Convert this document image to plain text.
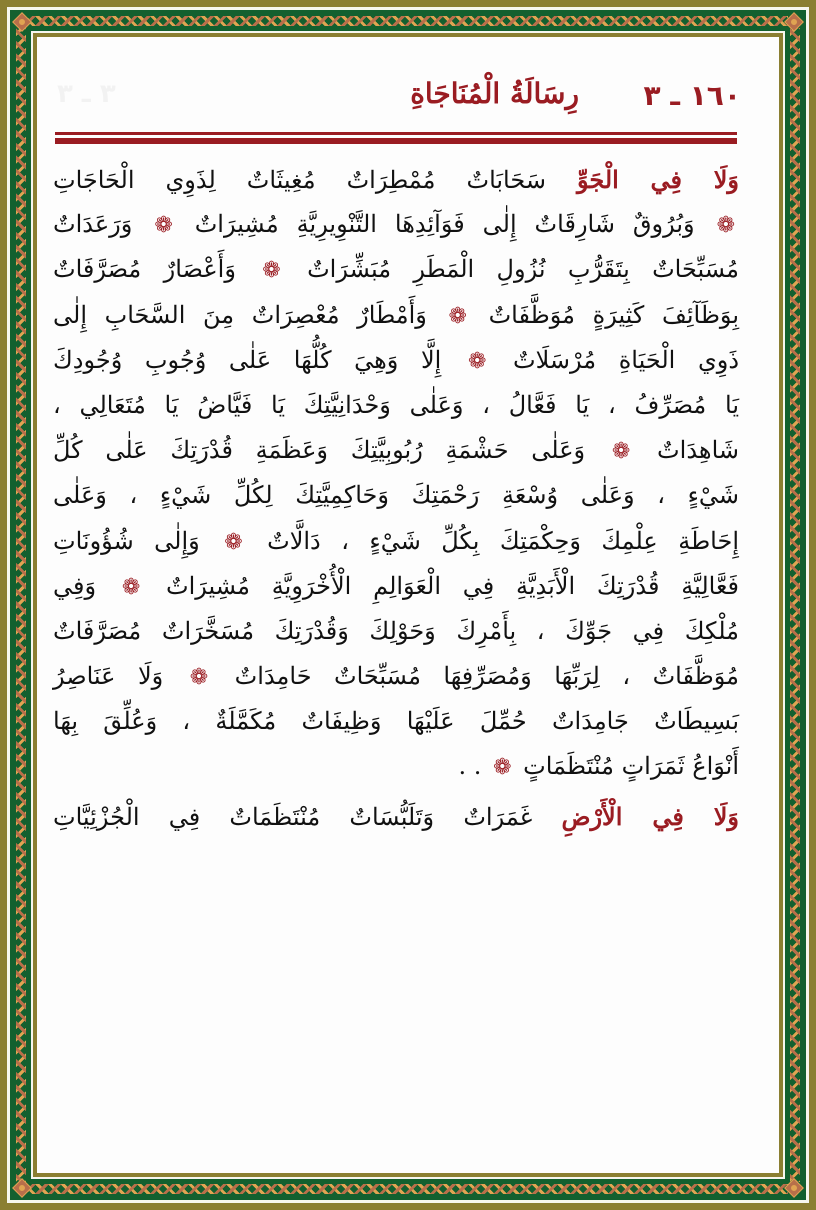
١٦٠ ـ ٣
رِسَالَةُ الْمُنَاجَاةِ
٣ ـ ٣
وَلَا فِي الْجَوِّ سَحَابَاتٌ مُمْطِرَاتٌ مُغِيثَاتٌ لِذَوِي الْحَاجَاتِ
❁ وَبُرُوقٌ شَارِقَاتٌ إِلٰى فَوَآئِدِهَا التَّنْوِيرِيَّةِ مُشِيرَاتٌ ❁ وَرَعَدَاتٌ
مُسَبِّحَاتٌ بِتَقَرُّبِ نُزُولِ الْمَطَرِ مُبَشِّرَاتٌ ❁ وَأَعْصَارٌ مُصَرَّفَاتٌ
بِوَظَآئِفَ كَثِيرَةٍ مُوَظَّفَاتٌ ❁ وَأَمْطَارٌ مُعْصِرَاتٌ مِنَ السَّحَابِ إِلٰى
ذَوِي الْحَيَاةِ مُرْسَلَاتٌ ❁ إِلَّا وَهِيَ كُلُّهَا عَلٰى وُجُوبِ وُجُودِكَ
يَا مُصَرِّفُ ، يَا فَعَّالُ ، وَعَلٰى وَحْدَانِيَّتِكَ يَا فَيَّاضُ يَا مُتَعَالِي ،
شَاهِدَاتٌ ❁ وَعَلٰى حَشْمَةِ رُبُوبِيَّتِكَ وَعَظَمَةِ قُدْرَتِكَ عَلٰى كُلِّ
شَيْءٍ ، وَعَلٰى وُسْعَةِ رَحْمَتِكَ وَحَاكِمِيَّتِكَ لِكُلِّ شَيْءٍ ، وَعَلٰى
إِحَاطَةِ عِلْمِكَ وَحِكْمَتِكَ بِكُلِّ شَيْءٍ ، دَالَّاتٌ ❁ وَإِلٰى شُؤُونَاتِ
فَعَّالِيَّةِ قُدْرَتِكَ الْأَبَدِيَّةِ فِي الْعَوَالِمِ الْأُخْرَوِيَّةِ مُشِيرَاتٌ ❁ وَفِي
مُلْكِكَ فِي جَوِّكَ ، بِأَمْرِكَ وَحَوْلِكَ وَقُدْرَتِكَ مُسَخَّرَاتٌ مُصَرَّفَاتٌ
مُوَظَّفَاتٌ ، لِرَبِّهَا وَمُصَرِّفِهَا مُسَبِّحَاتٌ حَامِدَاتٌ ❁ وَلَا عَنَاصِرُ
بَسِيطَاتٌ جَامِدَاتٌ حُمِّلَ عَلَيْهَا وَظِيفَاتٌ مُكَمَّلَةٌ ، وَعُلِّقَ بِهَا
أَنْوَاعُ ثَمَرَاتٍ مُنْتَظَمَاتٍ ❁ . .
وَلَا فِي الْأَرْضِ غَمَرَاتٌ وَتَلَبُّسَاتٌ مُنْتَظَمَاتٌ فِي الْجُزْئِيَّاتِ
